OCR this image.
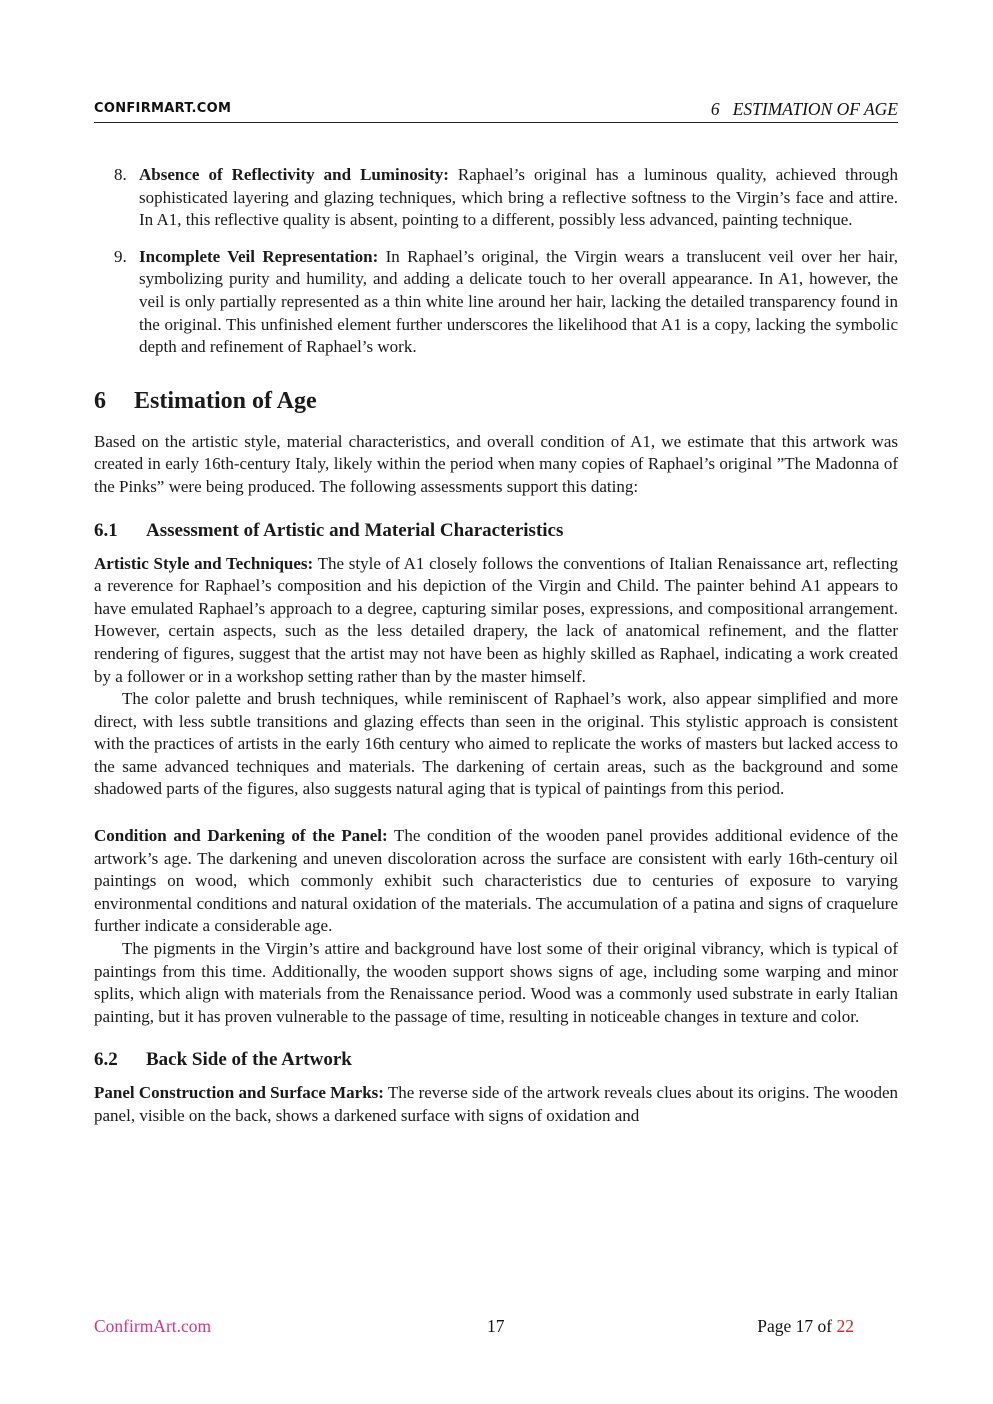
CONFIRMART.COM	6   ESTIMATION OF AGE
8. Absence of Reflectivity and Luminosity: Raphael’s original has a luminous quality, achieved through sophisticated layering and glazing techniques, which bring a reflective softness to the Virgin’s face and attire. In A1, this reflective quality is absent, pointing to a different, possibly less advanced, painting technique.
9. Incomplete Veil Representation: In Raphael’s original, the Virgin wears a translucent veil over her hair, symbolizing purity and humility, and adding a delicate touch to her overall appearance. In A1, however, the veil is only partially represented as a thin white line around her hair, lacking the detailed transparency found in the original. This unfinished element further underscores the likelihood that A1 is a copy, lacking the symbolic depth and refinement of Raphael’s work.
6 Estimation of Age

Based on the artistic style, material characteristics, and overall condition of A1, we estimate that this artwork was created in early 16th-century Italy, likely within the period when many copies of Raphael’s original ”The Madonna of the Pinks” were being produced. The following assessments support this dating:

6.1 Assessment of Artistic and Material Characteristics

Artistic Style and Techniques: The style of A1 closely follows the conventions of Italian Renaissance art, reflecting a reverence for Raphael’s composition and his depiction of the Virgin and Child. The painter behind A1 appears to have emulated Raphael’s approach to a degree, capturing similar poses, expressions, and compositional arrangement. However, certain aspects, such as the less detailed drapery, the lack of anatomical refinement, and the flatter rendering of figures, suggest that the artist may not have been as highly skilled as Raphael, indicating a work created by a follower or in a workshop setting rather than by the master himself.

The color palette and brush techniques, while reminiscent of Raphael’s work, also appear simplified and more direct, with less subtle transitions and glazing effects than seen in the original. This stylistic approach is consistent with the practices of artists in the early 16th century who aimed to replicate the works of masters but lacked access to the same advanced techniques and materials. The darkening of certain areas, such as the background and some shadowed parts of the figures, also suggests natural aging that is typical of paintings from this period.

Condition and Darkening of the Panel: The condition of the wooden panel provides additional evidence of the artwork’s age. The darkening and uneven discoloration across the surface are consistent with early 16th-century oil paintings on wood, which commonly exhibit such characteristics due to centuries of exposure to varying environmental conditions and natural oxidation of the materials. The accumulation of a patina and signs of craquelure further indicate a considerable age.

The pigments in the Virgin’s attire and background have lost some of their original vibrancy, which is typical of paintings from this time. Additionally, the wooden support shows signs of age, including some warping and minor splits, which align with materials from the Renaissance period. Wood was a commonly used substrate in early Italian painting, but it has proven vulnerable to the passage of time, resulting in noticeable changes in texture and color.

6.2 Back Side of the Artwork

Panel Construction and Surface Marks: The reverse side of the artwork reveals clues about its origins. The wooden panel, visible on the back, shows a darkened surface with signs of oxidation and

ConfirmArt.com	17	Page 17 of 22
